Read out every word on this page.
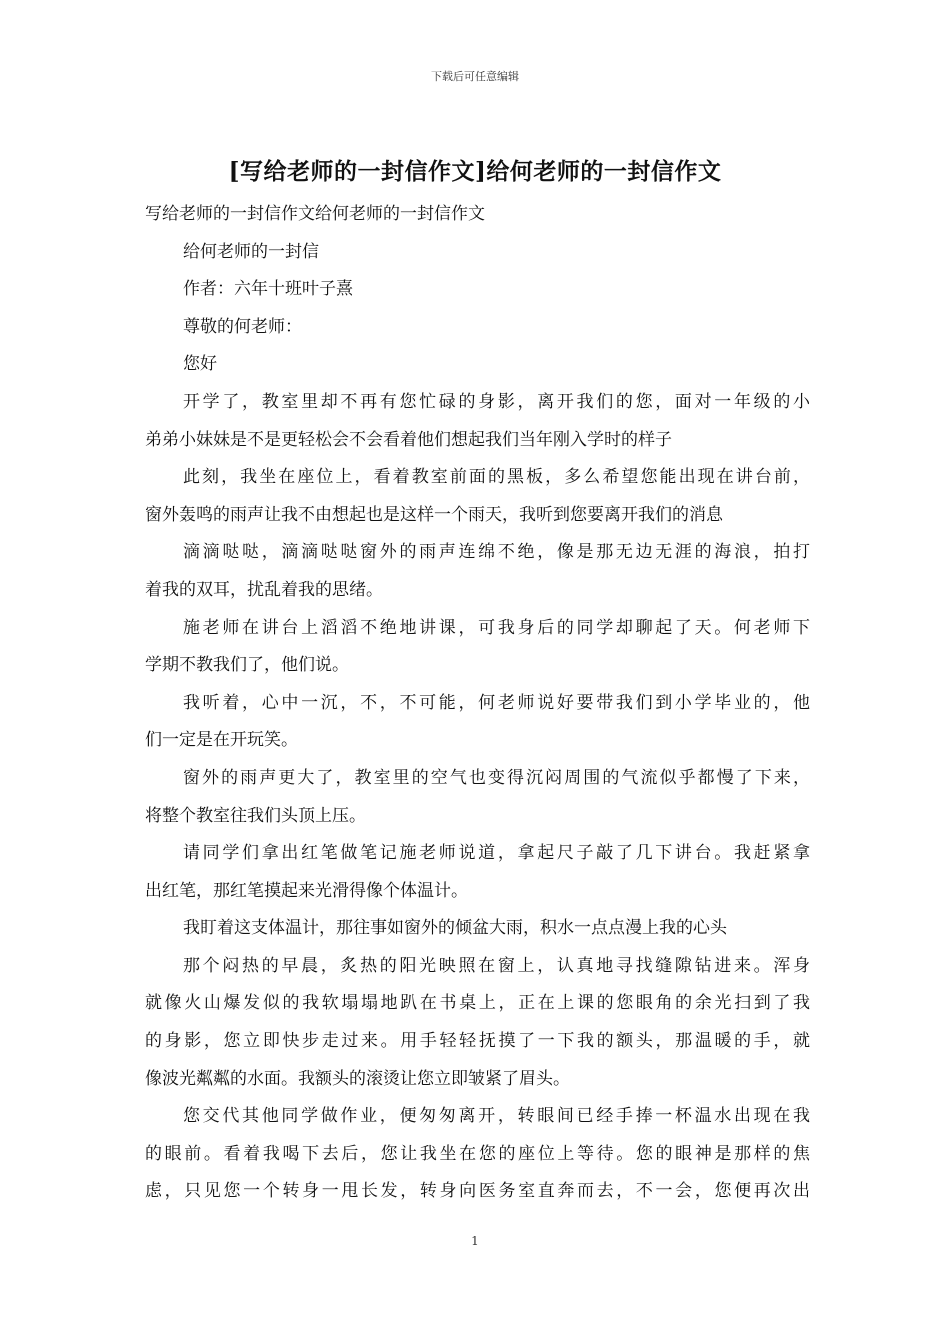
下载后可任意编辑
[写给老师的一封信作文]给何老师的一封信作文
写给老师的一封信作文给何老师的一封信作文
给何老师的一封信
作者：六年十班叶子熹
尊敬的何老师：
您好
开学了，教室里却不再有您忙碌的身影，离开我们的您，面对一年级的小
弟弟小妹妹是不是更轻松会不会看着他们想起我们当年刚入学时的样子
此刻，我坐在座位上，看着教室前面的黑板，多么希望您能出现在讲台前，
窗外轰鸣的雨声让我不由想起也是这样一个雨天，我听到您要离开我们的消息
滴滴哒哒，滴滴哒哒窗外的雨声连绵不绝，像是那无边无涯的海浪，拍打
着我的双耳，扰乱着我的思绪。
施老师在讲台上滔滔不绝地讲课，可我身后的同学却聊起了天。何老师下
学期不教我们了，他们说。
我听着，心中一沉，不，不可能，何老师说好要带我们到小学毕业的，他
们一定是在开玩笑。
窗外的雨声更大了，教室里的空气也变得沉闷周围的气流似乎都慢了下来，
将整个教室往我们头顶上压。
请同学们拿出红笔做笔记施老师说道，拿起尺子敲了几下讲台。我赶紧拿
出红笔，那红笔摸起来光滑得像个体温计。
我盯着这支体温计，那往事如窗外的倾盆大雨，积水一点点漫上我的心头
那个闷热的早晨，炙热的阳光映照在窗上，认真地寻找缝隙钻进来。浑身
就像火山爆发似的我软塌塌地趴在书桌上，正在上课的您眼角的余光扫到了我
的身影，您立即快步走过来。用手轻轻抚摸了一下我的额头，那温暖的手，就
像波光粼粼的水面。我额头的滚烫让您立即皱紧了眉头。
您交代其他同学做作业，便匆匆离开，转眼间已经手捧一杯温水出现在我
的眼前。看着我喝下去后，您让我坐在您的座位上等待。您的眼神是那样的焦
虑，只见您一个转身一甩长发，转身向医务室直奔而去，不一会，您便再次出
1
